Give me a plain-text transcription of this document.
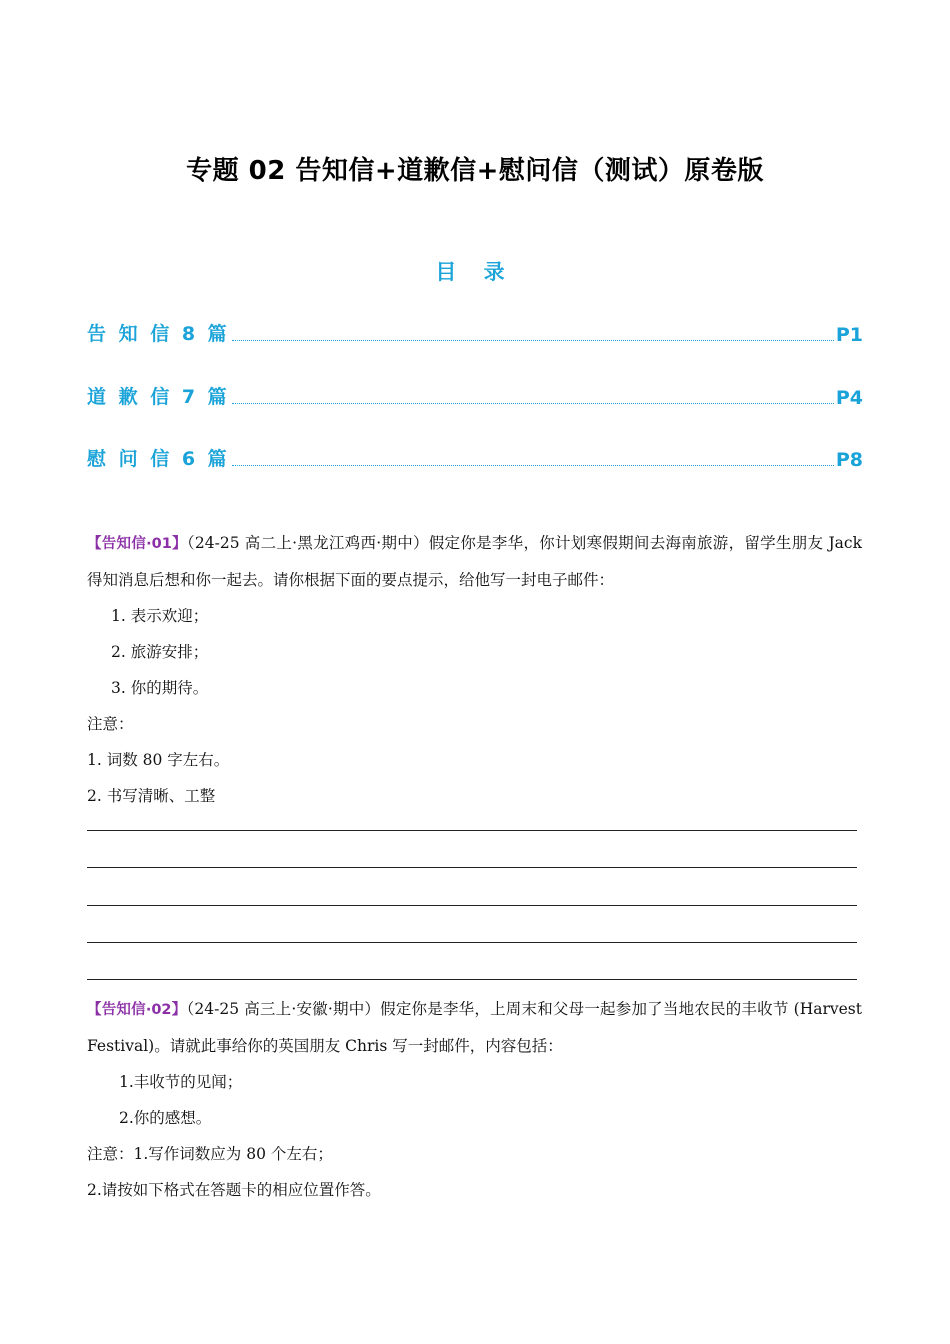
专题 02 告知信+道歉信+慰问信（测试）原卷版
目 录
告 知 信 8 篇	P1
道 歉 信 7 篇	P4
慰 问 信 6 篇	P8

【告知信·01】（24-25 高二上·黑龙江鸡西·期中）假定你是李华，你计划寒假期间去海南旅游，留学生朋友 Jack 得知消息后想和你一起去。请你根据下面的要点提示，给他写一封电子邮件：

1. 表示欢迎；

2. 旅游安排；

3. 你的期待。

注意：

1. 词数 80 字左右。

2. 书写清晰、工整

【告知信·02】（24-25 高三上·安徽·期中）假定你是李华，上周末和父母一起参加了当地农民的丰收节 (Harvest Festival)。请就此事给你的英国朋友 Chris 写一封邮件，内容包括：

1.丰收节的见闻；

2.你的感想。

注意：1.写作词数应为 80 个左右；

2.请按如下格式在答题卡的相应位置作答。
